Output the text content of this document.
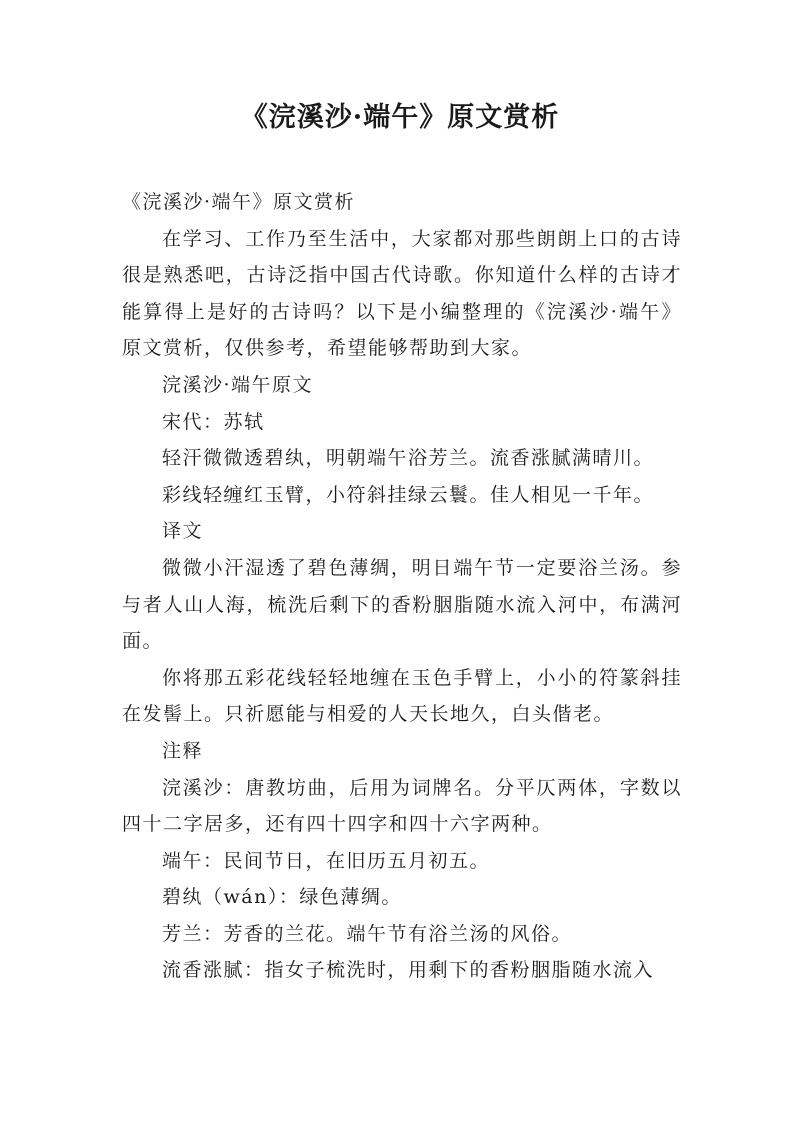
《浣溪沙·端午》原文赏析

《浣溪沙·端午》原文赏析

在学习、工作乃至生活中，大家都对那些朗朗上口的古诗很是熟悉吧，古诗泛指中国古代诗歌。你知道什么样的古诗才能算得上是好的古诗吗？以下是小编整理的《浣溪沙·端午》原文赏析，仅供参考，希望能够帮助到大家。

浣溪沙·端午原文

宋代：苏轼

轻汗微微透碧纨，明朝端午浴芳兰。流香涨腻满晴川。

彩线轻缠红玉臂，小符斜挂绿云鬟。佳人相见一千年。

译文

微微小汗湿透了碧色薄绸，明日端午节一定要浴兰汤。参与者人山人海，梳洗后剩下的香粉胭脂随水流入河中，布满河面。

你将那五彩花线轻轻地缠在玉色手臂上，小小的符篆斜挂在发髻上。只祈愿能与相爱的人天长地久，白头偕老。

注释

浣溪沙：唐教坊曲，后用为词牌名。分平仄两体，字数以四十二字居多，还有四十四字和四十六字两种。

端午：民间节日，在旧历五月初五。

碧纨（wán）：绿色薄绸。

芳兰：芳香的兰花。端午节有浴兰汤的风俗。

流香涨腻：指女子梳洗时，用剩下的香粉胭脂随水流入
